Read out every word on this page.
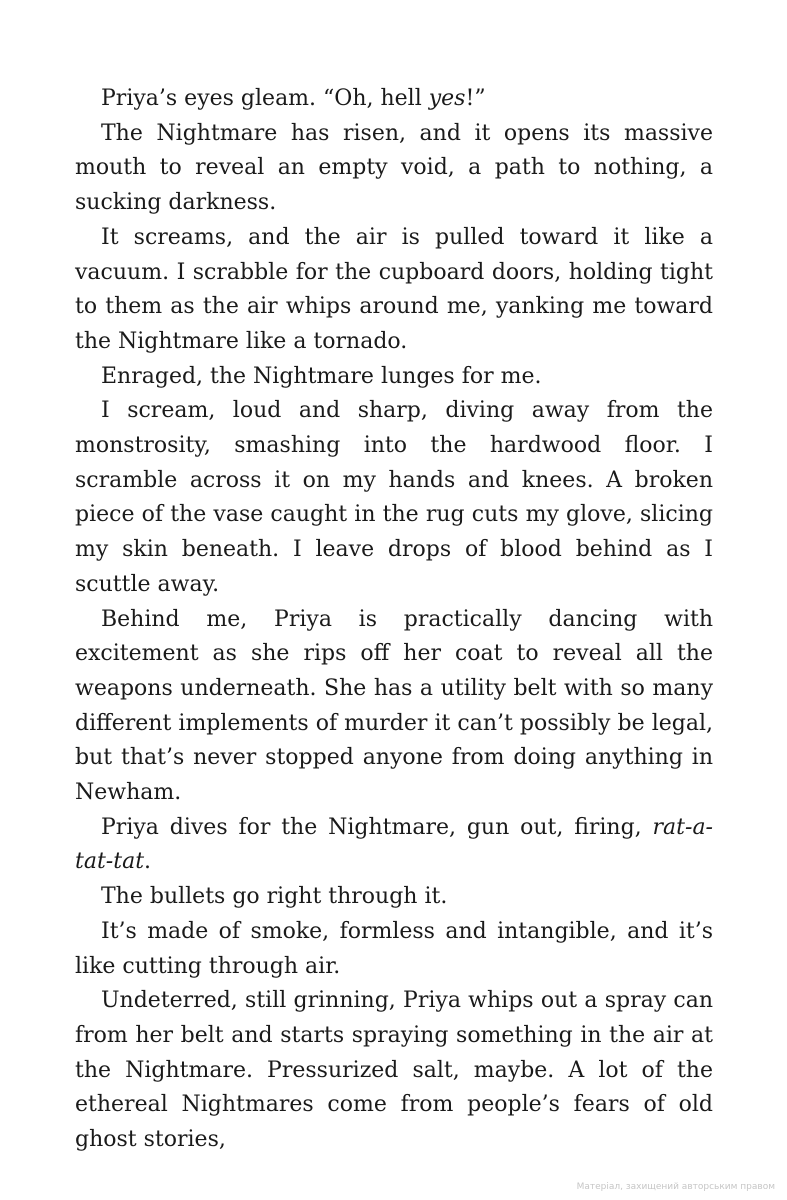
Priya’s eyes gleam. “Oh, hell yes!”

The Nightmare has risen, and it opens its massive mouth to reveal an empty void, a path to nothing, a sucking darkness.

It screams, and the air is pulled toward it like a vacuum. I scrabble for the cupboard doors, holding tight to them as the air whips around me, yanking me toward the Nightmare like a tornado.

Enraged, the Nightmare lunges for me.

I scream, loud and sharp, diving away from the monstrosity, smashing into the hardwood floor. I scramble across it on my hands and knees. A broken piece of the vase caught in the rug cuts my glove, slicing my skin beneath. I leave drops of blood behind as I scuttle away.

Behind me, Priya is practically dancing with excitement as she rips off her coat to reveal all the weapons underneath. She has a utility belt with so many different implements of murder it can’t possibly be legal, but that’s never stopped anyone from doing anything in Newham.

Priya dives for the Nightmare, gun out, firing, rat-a-tat-tat.

The bullets go right through it.

It’s made of smoke, formless and intangible, and it’s like cutting through air.

Undeterred, still grinning, Priya whips out a spray can from her belt and starts spraying something in the air at the Nightmare. Pressurized salt, maybe. A lot of the ethereal Nightmares come from people’s fears of old ghost stories,

Матеріал, захищений авторським правом
